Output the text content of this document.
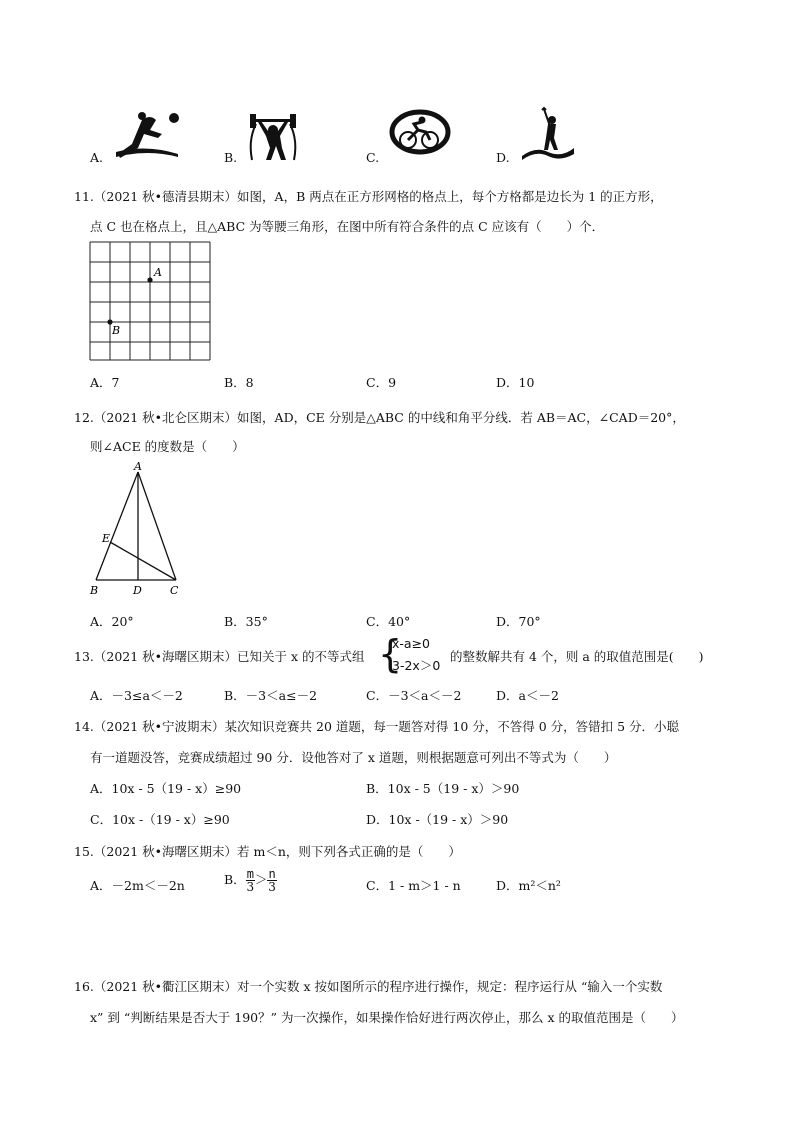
A.	B.	C.	D.
11.（2021 秋•德清县期末）如图，A，B 两点在正方形网格的格点上，每个方格都是边长为 1 的正方形，
点 C 也在格点上，且△ABC 为等腰三角形，在图中所有符合条件的点 C 应该有（　　）个．
A
B
A．7	B．8	C．9	D．10
12.（2021 秋•北仑区期末）如图，AD，CE 分别是△ABC 的中线和角平分线．若 AB＝AC，∠CAD＝20°，
则∠ACE 的度数是（　　）
A
B	C
D
E
A．20°	B．35°	C．40°	D．70°
13.（2021 秋•海曙区期末）已知关于 x 的不等式组 {
x-a≥0
3-2x＞0
的整数解共有 4 个，则 a 的取值范围是(　　)
A．－3≤a＜－2	B．－3＜a≤－2	C．－3＜a＜－2	D．a＜－2
14.（2021 秋•宁波期末）某次知识竞赛共 20 道题，每一题答对得 10 分，不答得 0 分，答错扣 5 分．小聪
有一道题没答，竞赛成绩超过 90 分．设他答对了 x 道题，则根据题意可列出不等式为（　　）
A．10x - 5（19 - x）≥90	B．10x - 5（19 - x）＞90
C．10x -（19 - x）≥90	D．10x -（19 - x）＞90
15.（2021 秋•海曙区期末）若 m＜n，则下列各式正确的是（　　）
A．－2m＜－2n	B． $\frac{m}{3} > \frac{n}{3}$	C．1 - m＞1 - n	D．m²＜n²
16.（2021 秋•衢江区期末）对一个实数 x 按如图所示的程序进行操作，规定：程序运行从 “输入一个实数
x” 到 “判断结果是否大于 190？” 为一次操作，如果操作恰好进行两次停止，那么 x 的取值范围是（　　）
